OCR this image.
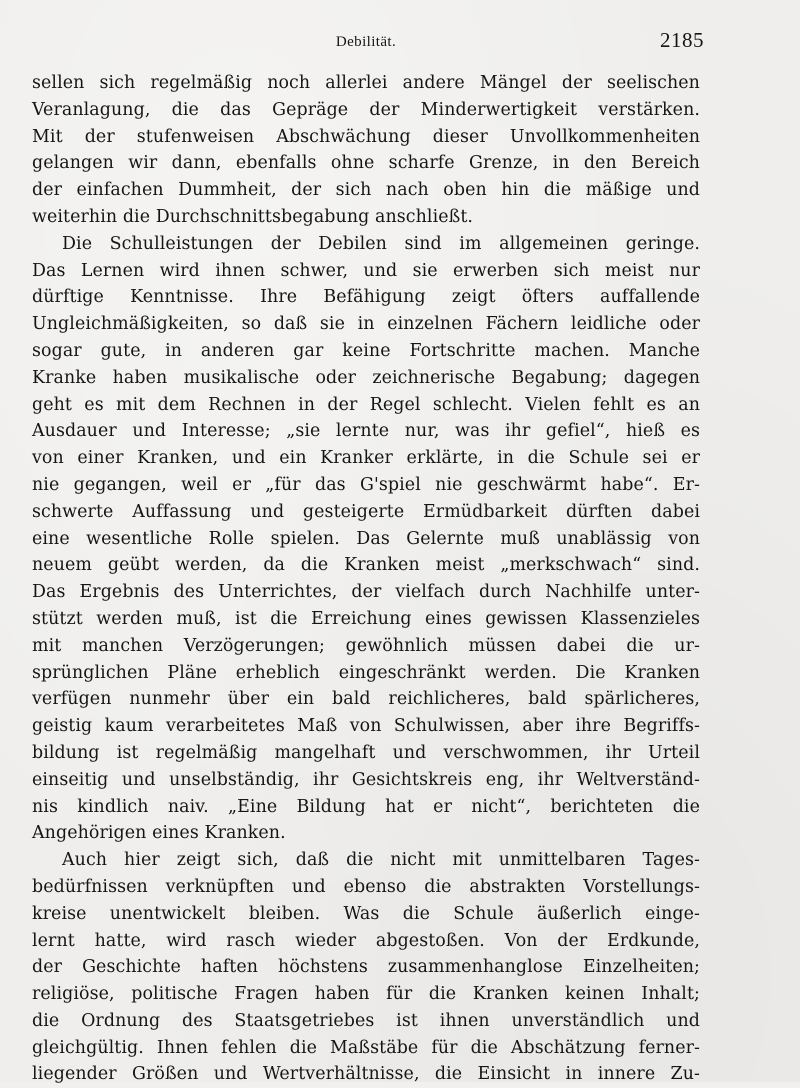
Debilität.	2185
sellen sich regelmäßig noch allerlei andere Mängel der seelischen
Veranlagung, die das Gepräge der Minderwertigkeit verstärken.
Mit der stufenweisen Abschwächung dieser Unvollkommenheiten
gelangen wir dann, ebenfalls ohne scharfe Grenze, in den Bereich
der einfachen Dummheit, der sich nach oben hin die mäßige und
weiterhin die Durchschnittsbegabung anschließt.
Die Schulleistungen der Debilen sind im allgemeinen geringe.
Das Lernen wird ihnen schwer, und sie erwerben sich meist nur
dürftige Kenntnisse. Ihre Befähigung zeigt öfters auffallende
Ungleichmäßigkeiten, so daß sie in einzelnen Fächern leidliche oder
sogar gute, in anderen gar keine Fortschritte machen. Manche
Kranke haben musikalische oder zeichnerische Begabung; dagegen
geht es mit dem Rechnen in der Regel schlecht. Vielen fehlt es an
Ausdauer und Interesse; „sie lernte nur, was ihr gefiel“, hieß es
von einer Kranken, und ein Kranker erklärte, in die Schule sei er
nie gegangen, weil er „für das G'spiel nie geschwärmt habe“. Er-
schwerte Auffassung und gesteigerte Ermüdbarkeit dürften dabei
eine wesentliche Rolle spielen. Das Gelernte muß unablässig von
neuem geübt werden, da die Kranken meist „merkschwach“ sind.
Das Ergebnis des Unterrichtes, der vielfach durch Nachhilfe unter-
stützt werden muß, ist die Erreichung eines gewissen Klassenzieles
mit manchen Verzögerungen; gewöhnlich müssen dabei die ur-
sprünglichen Pläne erheblich eingeschränkt werden. Die Kranken
verfügen nunmehr über ein bald reichlicheres, bald spärlicheres,
geistig kaum verarbeitetes Maß von Schulwissen, aber ihre Begriffs-
bildung ist regelmäßig mangelhaft und verschwommen, ihr Urteil
einseitig und unselbständig, ihr Gesichtskreis eng, ihr Weltverständ-
nis kindlich naiv. „Eine Bildung hat er nicht“, berichteten die
Angehörigen eines Kranken.
Auch hier zeigt sich, daß die nicht mit unmittelbaren Tages-
bedürfnissen verknüpften und ebenso die abstrakten Vorstellungs-
kreise unentwickelt bleiben. Was die Schule äußerlich einge-
lernt hatte, wird rasch wieder abgestoßen. Von der Erdkunde,
der Geschichte haften höchstens zusammenhanglose Einzelheiten;
religiöse, politische Fragen haben für die Kranken keinen Inhalt;
die Ordnung des Staatsgetriebes ist ihnen unverständlich und
gleichgültig. Ihnen fehlen die Maßstäbe für die Abschätzung ferner-
liegender Größen und Wertverhältnisse, die Einsicht in innere Zu-
